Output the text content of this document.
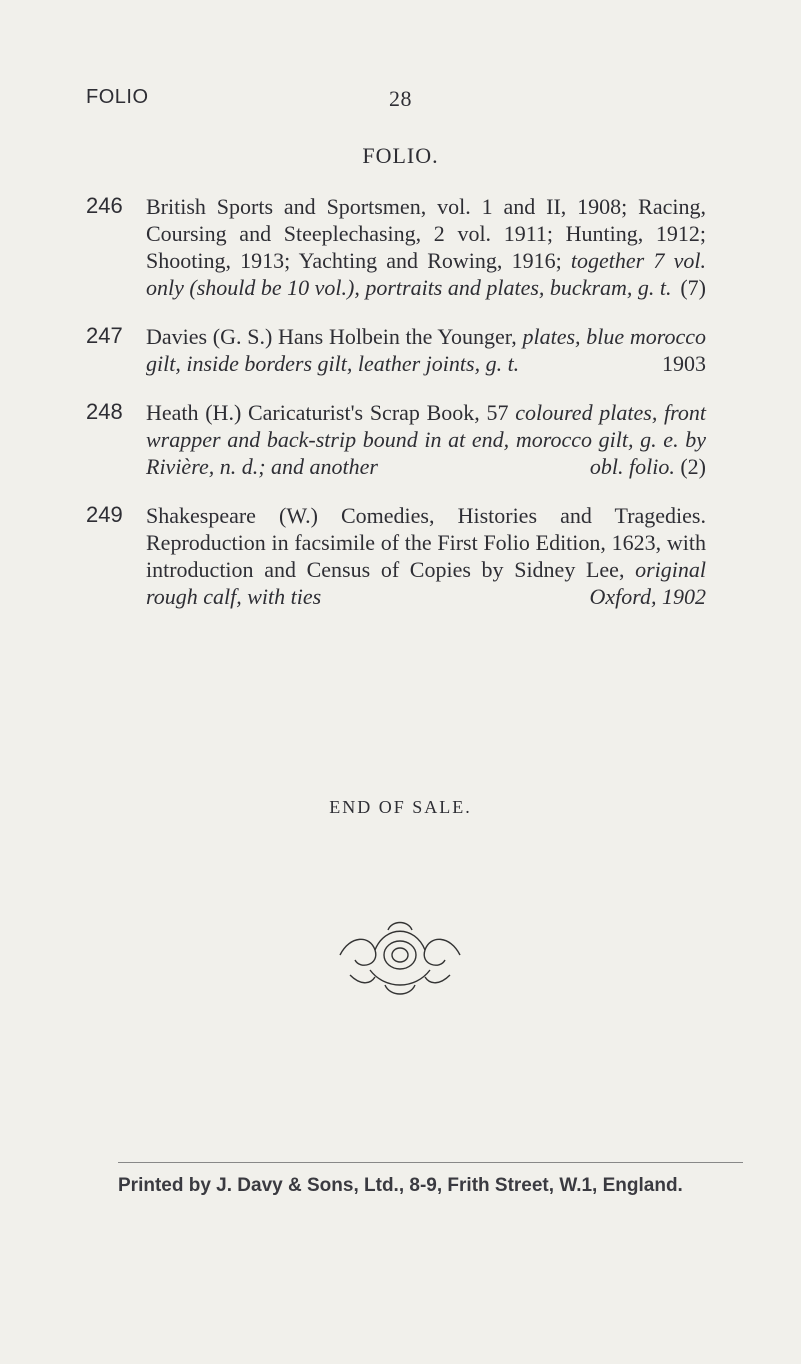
FOLIO	28
FOLIO.
246	British Sports and Sportsmen, vol. 1 and II, 1908; Racing, Coursing and Steeplechasing, 2 vol. 1911; Hunting, 1912; Shooting, 1913; Yachting and Rowing, 1916; together 7 vol. only (should be 10 vol.), portraits and plates, buckram, g. t. (7)
247	Davies (G. S.) Hans Holbein the Younger, plates, blue morocco gilt, inside borders gilt, leather joints, g. t.	1903
248	Heath (H.) Caricaturist's Scrap Book, 57 coloured plates, front wrapper and back-strip bound in at end, morocco gilt, g. e. by Rivière, n. d.; and another	obl. folio. (2)
249	Shakespeare (W.) Comedies, Histories and Tragedies. Reproduction in facsimile of the First Folio Edition, 1623, with introduction and Census of Copies by Sidney Lee, original rough calf, with ties	Oxford, 1902
END OF SALE.
Printed by J. Davy & Sons, Ltd., 8-9, Frith Street, W.1, England.
